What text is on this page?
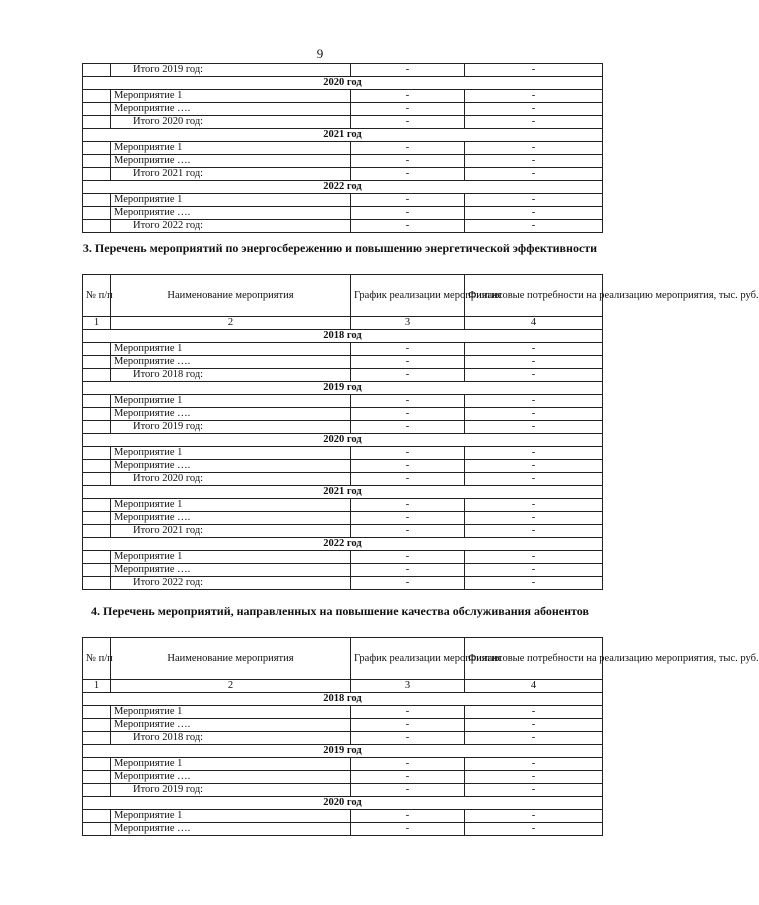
9
	Итого 2019 год:	-	-
2020 год			
	Мероприятие 1	-	-
	Мероприятие ….	-	-
	Итого 2020 год:	-	-
2021 год			
	Мероприятие 1	-	-
	Мероприятие ….	-	-
	Итого 2021 год:	-	-
2022 год			
	Мероприятие 1	-	-
	Мероприятие ….	-	-
	Итого 2022 год:	-	-
3. Перечень мероприятий по энергосбережению и повышению энергетической эффективности
№ п/п	Наименование мероприятия	График реализации мероприятия	Финансовые потребности на реализацию мероприятия, тыс. руб.
1	2	3	4
2018 год			
	Мероприятие 1	-	-
	Мероприятие ….	-	-
	Итого 2018 год:	-	-
2019 год			
	Мероприятие 1	-	-
	Мероприятие ….	-	-
	Итого 2019 год:	-	-
2020 год			
	Мероприятие 1	-	-
	Мероприятие ….	-	-
	Итого 2020 год:	-	-
2021 год			
	Мероприятие 1	-	-
	Мероприятие ….	-	-
	Итого 2021 год:	-	-
2022 год			
	Мероприятие 1	-	-
	Мероприятие ….	-	-
	Итого 2022 год:	-	-
4. Перечень мероприятий, направленных на повышение качества обслуживания абонентов
№ п/п	Наименование мероприятия	График реализации мероприятия	Финансовые потребности на реализацию мероприятия, тыс. руб.
1	2	3	4
2018 год			
	Мероприятие 1	-	-
	Мероприятие ….	-	-
	Итого 2018 год:	-	-
2019 год			
	Мероприятие 1	-	-
	Мероприятие ….	-	-
	Итого 2019 год:	-	-
2020 год			
	Мероприятие 1	-	-
	Мероприятие ….	-	-
